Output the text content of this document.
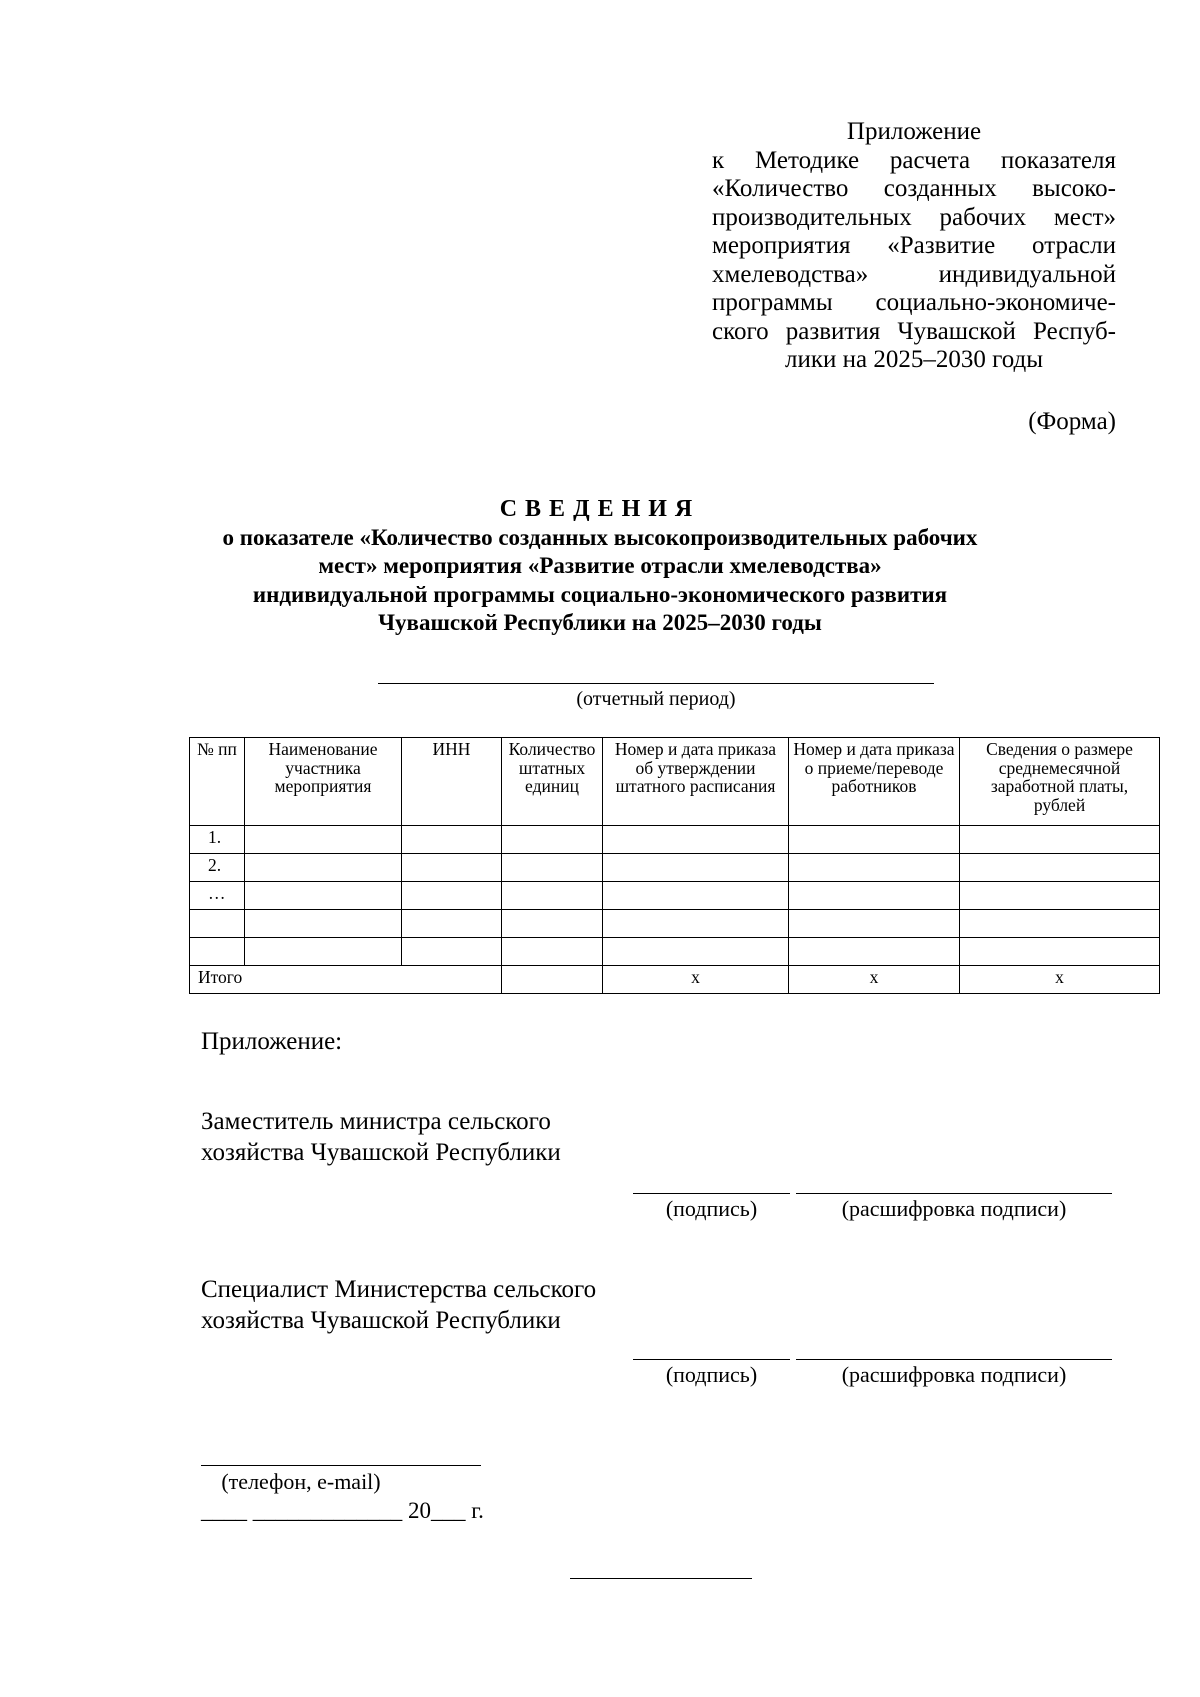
Приложение
к Методике расчета показателя
«Количество созданных высоко-
производительных рабочих мест»
мероприятия «Развитие отрасли
хмелеводства» индивидуальной
программы социально-экономиче-
ского развития Чувашской Респуб-
лики на 2025–2030 годы
(Форма)
СВЕДЕНИЯ
о показателе «Количество созданных высокопроизводительных рабочих
мест» мероприятия «Развитие отрасли хмелеводства»
индивидуальной программы социально-экономического развития
Чувашской Республики на 2025–2030 годы
(отчетный период)
№ пп	Наименование участника мероприятия	ИНН	Количество штатных единиц	Номер и дата приказа об утверждении штатного расписания	Номер и дата приказа о приеме/переводе работников	Сведения о размере среднемесячной заработной платы, рублей
1.						
2.						
…						

Итого				х	х	х
Приложение:
Заместитель министра сельского
хозяйства Чувашской Республики
(подпись)	(расшифровка подписи)
Специалист Министерства сельского
хозяйства Чувашской Республики
(подпись)	(расшифровка подписи)
(телефон, e-mail)
____ _____________ 20___ г.
